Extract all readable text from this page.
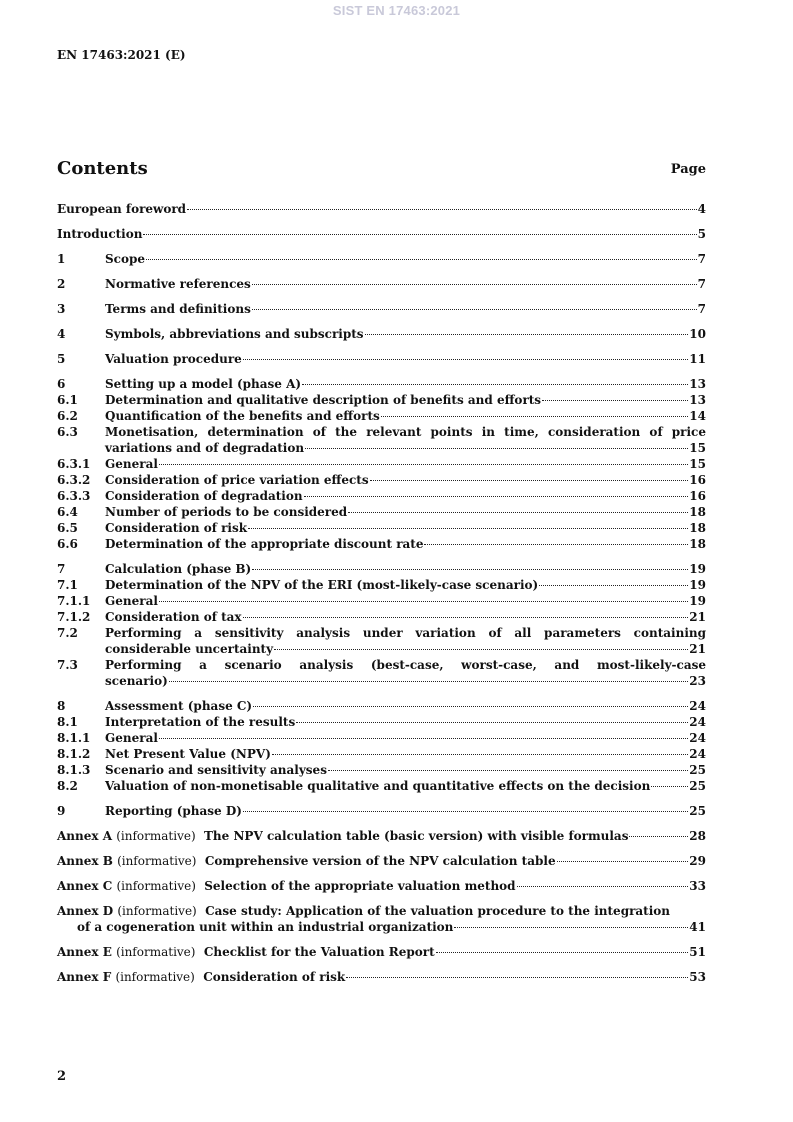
SIST EN 17463:2021
EN 17463:2021 (E)
Contents	Page
European foreword	4
Introduction	5
1	Scope	7
2	Normative references	7
3	Terms and definitions	7
4	Symbols, abbreviations and subscripts	10
5	Valuation procedure	11
6	Setting up a model (phase A)	13
6.1 Determination and qualitative description of benefits and efforts	13
6.2 Quantification of the benefits and efforts	14
6.3 Monetisation, determination of the relevant points in time, consideration of price
variations and of degradation	15
6.3.1 General	15
6.3.2 Consideration of price variation effects	16
6.3.3 Consideration of degradation	16
6.4 Number of periods to be considered	18
6.5 Consideration of risk	18
6.6 Determination of the appropriate discount rate	18
7	Calculation (phase B)	19
7.1 Determination of the NPV of the ERI (most-likely-case scenario)	19
7.1.1 General	19
7.1.2 Consideration of tax	21
7.2 Performing a sensitivity analysis under variation of all parameters containing
considerable uncertainty	21
7.3 Performing a scenario analysis (best-case, worst-case, and most-likely-case
scenario)	23
8	Assessment (phase C)	24
8.1 Interpretation of the results	24
8.1.1 General	24
8.1.2 Net Present Value (NPV)	24
8.1.3 Scenario and sensitivity analyses	25
8.2 Valuation of non-monetisable qualitative and quantitative effects on the decision	25
9	Reporting (phase D)	25
Annex A (informative) The NPV calculation table (basic version) with visible formulas	28
Annex B (informative) Comprehensive version of the NPV calculation table	29
Annex C (informative) Selection of the appropriate valuation method	33
Annex D (informative) Case study: Application of the valuation procedure to the integration
of a cogeneration unit within an industrial organization	41
Annex E (informative) Checklist for the Valuation Report	51
Annex F (informative) Consideration of risk	53
2
